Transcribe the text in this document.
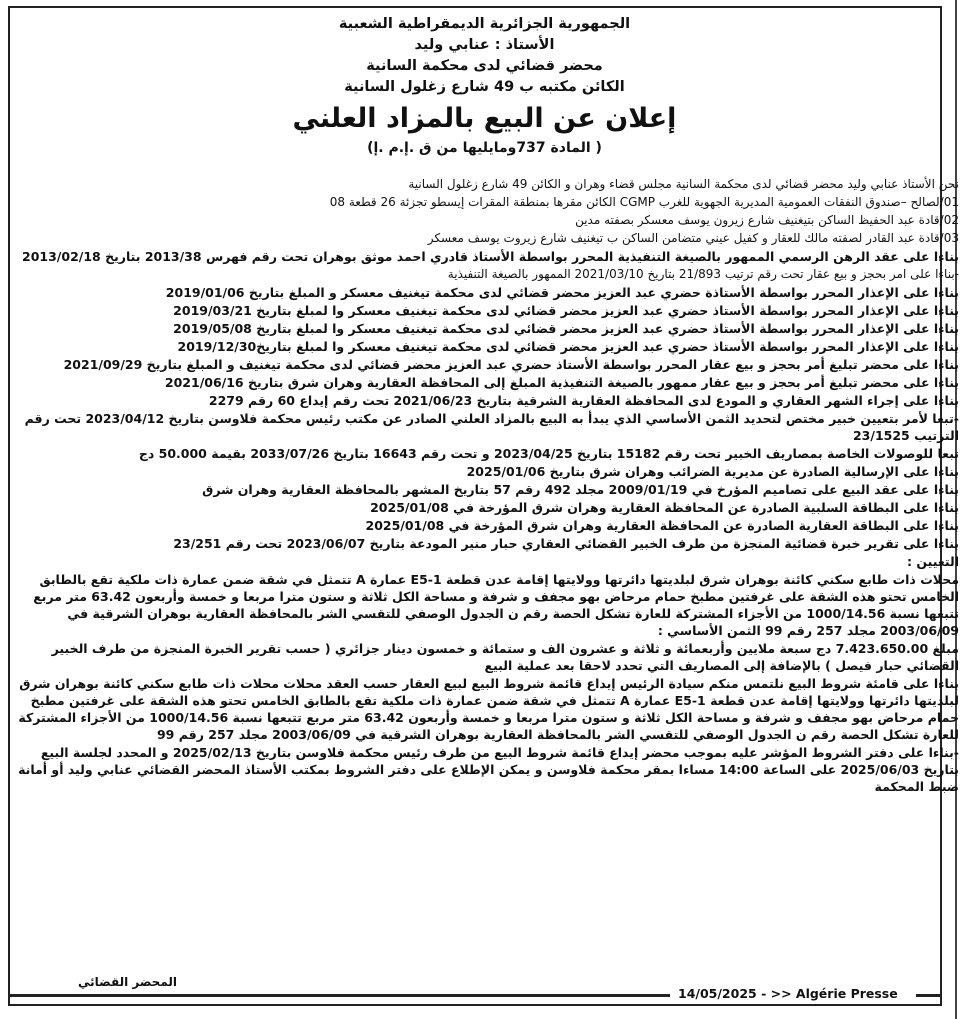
الجمهورية الجزائرية الديمقراطية الشعبية

الأستاذ : عنابي وليد

محضر قضائي لدى محكمة السانية

الكائن مكتبه ب 49 شارع زغلول السانية

إعلان عن البيع بالمزاد العلني

( المادة 737ومايليها من ق .إ.م .إ)

نحن الأستاذ عنابي وليد محضر قضائي لدى محكمة السانية مجلس قضاء وهران و الكائن 49 شارع زغلول السانية

01/لصالح –صندوق النفقات العمومية المديرية الجهوية للغرب CGMP الكائن مقرها بمنطقة المقرات إيسطو تجزئة 26 قطعة 08

02/قادة عبد الحفيظ الساكن بتيغنيف شارع زيرون يوسف معسكر بصفته مدين

03/قادة عبد القادر لصفته مالك للعقار و كفيل عيني متضامن الساكن ب تيغنيف شارع زيروت يوسف معسكر

بناءا على عقد الرهن الرسمي الممهور بالصيغة التنفيذية المحرر بواسطة الأستاذ قادري احمد موثق بوهران تحت رقم فهرس 2013/38 بتاريخ 2013/02/18

-بناءا على امر بحجز و بيع عقار تحت رقم ترتيب 21/893 بتاريخ 2021/03/10 الممهور بالصيغة التنفيذية

بناءا على الإعذار المحرر بواسطة الأستاذة حضري عبد العزيز محضر قضائي لدى محكمة تيغنيف معسكر و المبلغ بتاريخ 2019/01/06

بناءا على الإعذار المحرر بواسطة الأستاذ حضري عبد العزيز محضر قضائي لدى محكمة تيغنيف معسكر وا لمبلغ بتاريخ 2019/03/21

بناءا على الإعذار المحرر بواسطة الأستاذ حضري عبد العزيز محضر قضائي لدى محكمة تيغنيف معسكر وا لمبلغ بتاريخ 2019/05/08

بناءا على الإعذار المحرر بواسطة الأستاذ حضري عبد العزيز محضر قضائي لدى محكمة تيغنيف معسكر وا لمبلغ بتاريخ2019/12/30

بناءا على محضر تبليغ أمر بحجز و بيع عقار المحرر بواسطة الأستاذ حضري عبد العزيز محضر قضائي لدى محكمة تيغنيف و المبلغ بتاريخ 2021/09/29

بناءا على محضر تبليغ أمر بحجز و بيع عقار ممهور بالصيغة التنفيذية المبلغ إلى المحافظة العقارية وهران شرق بتاريخ 2021/06/16

بناءا على إجراء الشهر العقاري و المودع لدى المحافظة العقارية الشرقية بتاريخ 2021/06/23 تحت رقم إيداع 60 رقم 2279

-تبعا لأمر بتعيين خبير مختص لتحديد الثمن الأساسي الذي يبدأ به البيع بالمزاد العلني الصادر عن مكتب رئيس محكمة فلاوسن بتاريخ 2023/04/12 تحت رقم الترتيب 23/1525

تبعا للوصولات الخاصة بمصاريف الخبير تحت رقم 15182 بتاريخ 2023/04/25 و تحت رقم 16643 بتاريخ 2033/07/26 بقيمة 50.000 دج

بناءا على الإرسالية الصادرة عن مديرية الضرائب وهران شرق بتاريخ 2025/01/06

بناءا على عقد البيع على تصاميم المؤرخ في 2009/01/19 مجلد 492 رقم 57 بتاريخ المشهر بالمحافظة العقارية وهران شرق

بناءا على البطاقة السلبية الصادرة عن المحافظة العقارية وهران شرق المؤرخة في 2025/01/08

بناءا على البطاقة العقارية الصادرة عن المحافظة العقارية وهران شرق المؤرخة في 2025/01/08

بناءا على تقرير خبرة قضائية المنجزة من طرف الخبير القضائي العقاري حبار منير المودعة بتاريخ 2023/06/07 تحت رقم 23/251

التعيين :

محلات ذات طابع سكني كائنة بوهران شرق لبلديتها دائرتها وولايتها إقامة عدن قطعة E5-1 عمارة A تتمثل في شقة ضمن عمارة ذات ملكية تقع بالطابق الخامس تحتو هذه الشقة على غرفتين مطبخ حمام مرحاض بهو مجفف و شرفة و مساحة الكل ثلاثة و ستون مترا مربعا و خمسة وأربعون 63.42 متر مربع تتبعها نسبة 1000/14.56 من الأجزاء المشتركة للعارة تشكل الحصة رقم ن الجدول الوصفي للتقسي الشر بالمحافظة العقارية بوهران الشرقية في 2003/06/09 مجلد 257 رقم 99 الثمن الأساسي :

مبلغ 7.423.650.00 دج سبعة ملايين وأربعمائة و ثلاثة و عشرون الف و ستمائة و خمسون دينار جزائري ( حسب تقرير الخبرة المنجزة من طرف الخبير القضائي حبار فيصل ) بالإضافة إلى المصاريف التي تحدد لاحقا بعد عملية البيع

بناءا على قامئة شروط البيع نلتمس منكم سيادة الرئيس إيداع قائمة شروط البيع لبيع العقار حسب العقد محلات محلات ذات طابع سكني كائنة بوهران شرق لبلديتها دائرتها وولايتها إقامة عدن قطعة E5-1 عمارة A تتمثل في شقة ضمن عمارة ذات ملكية تقع بالطابق الخامس تحتو هذه الشقة على غرفتين مطبخ حمام مرحاض بهو مجفف و شرفة و مساحة الكل ثلاثة و ستون مترا مربعا و خمسة وأربعون 63.42 متر مربع تتبعها نسبة 1000/14.56 من الأجزاء المشتركة للعارة تشكل الحصة رقم ن الجدول الوصفي للتقسي الشر بالمحافظة العقارية بوهران الشرقية في 2003/06/09 مجلد 257 رقم 99

-بناءا على دفتر الشروط المؤشر عليه بموجب محضر إيداع قائمة شروط البيع من طرف رئيس محكمة فلاوسن بتاريخ 2025/02/13 و المحدد لجلسة البيع بتاريخ 2025/06/03 على الساعة 14:00 مساءا بمقر محكمة فلاوسن و يمكن الإطلاع على دفتر الشروط بمكتب الأستاذ المحضر القضائي عنابي وليد أو أمانة ضبط المحكمة

المحضر القضائي
14/05/2025 - >> Algérie Presse
